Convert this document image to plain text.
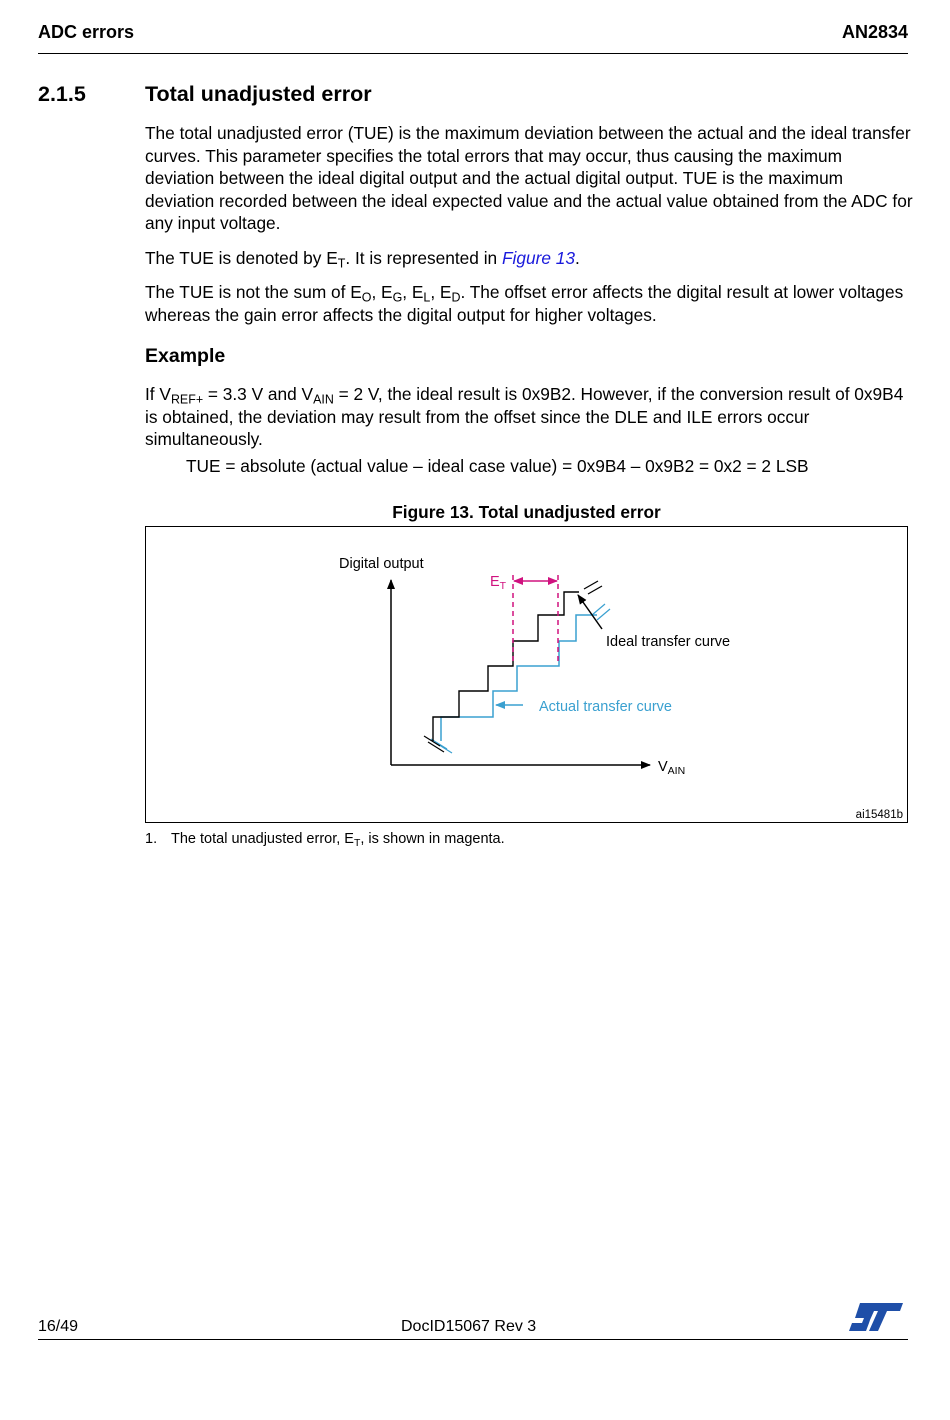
ADC errors	AN2834
2.1.5	Total unadjusted error
The total unadjusted error (TUE) is the maximum deviation between the actual and the ideal transfer curves. This parameter specifies the total errors that may occur, thus causing the maximum deviation between the ideal digital output and the actual digital output. TUE is the maximum deviation recorded between the ideal expected value and the actual value obtained from the ADC for any input voltage.
The TUE is denoted by $E_T$. It is represented in Figure 13.
The TUE is not the sum of $E_O$, $E_G$, $E_L$, $E_D$. The offset error affects the digital result at lower voltages whereas the gain error affects the digital output for higher voltages.
Example
If $V_{REF+} = 3.3$ V and $V_{AIN} = 2$ V, the ideal result is 0x9B2. However, if the conversion result of 0x9B4 is obtained, the deviation may result from the offset since the DLE and ILE errors occur simultaneously.
TUE = absolute (actual value – ideal case value) = 0x9B4 – 0x9B2 = 0x2 = 2 LSB
Figure 13. Total unadjusted error
Digital output
$V_{AIN}$
$E_T$
Ideal transfer curve
Actual transfer curve
ai15481b
1. The total unadjusted error, $E_T$, is shown in magenta.
16/49	DocID15067 Rev 3
